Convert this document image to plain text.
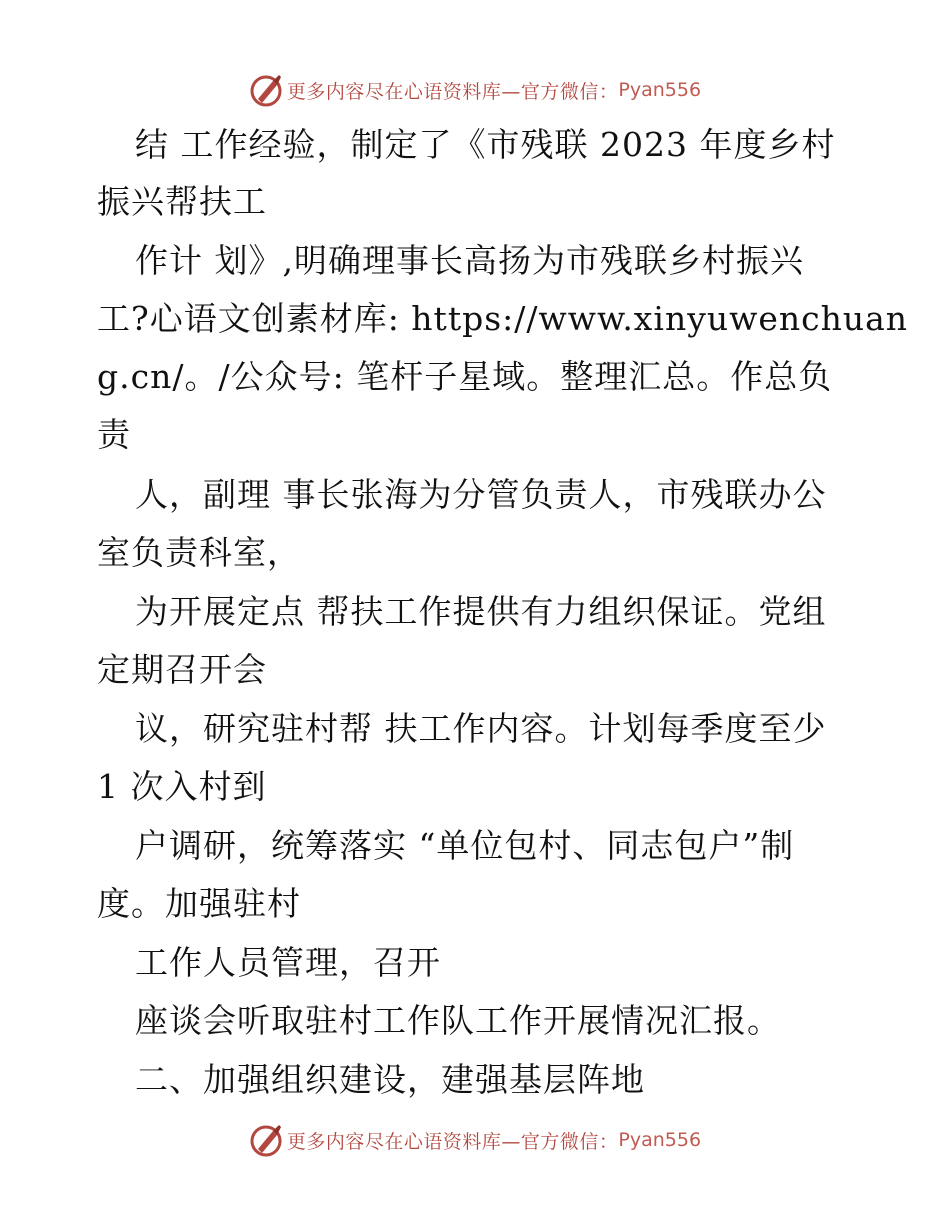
更多内容尽在心语资料库—官方微信： Pyan556
结 工作经验，制定了《市残联 2023 年度乡村
振兴帮扶工
作计 划》,明确理事长高扬为市残联乡村振兴
工?心语文创素材库: https://www.xinyuwenchuan
g.cn/。/公众号: 笔杆子星域。整理汇总。作总负
责
人，副理 事长张海为分管负责人，市残联办公
室负责科室，
为开展定点 帮扶工作提供有力组织保证。党组
定期召开会
议，研究驻村帮 扶工作内容。计划每季度至少
1 次入村到
户调研，统筹落实 “单位包村、同志包户”制
度。加强驻村
工作人员管理，召开
座谈会听取驻村工作队工作开展情况汇报。
二、加强组织建设，建强基层阵地
更多内容尽在心语资料库—官方微信： Pyan556
